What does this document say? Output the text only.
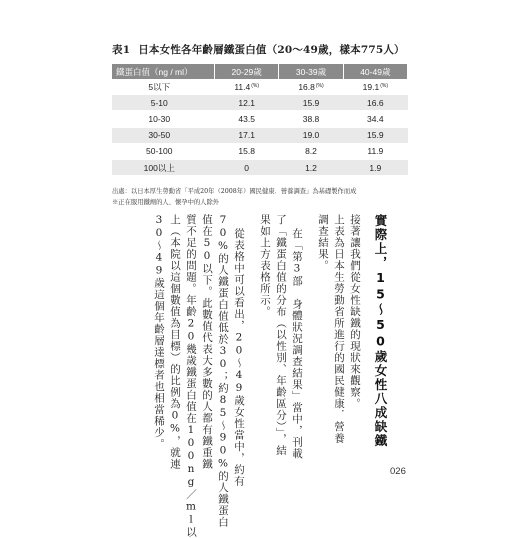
表1 日本女性各年齡層鐵蛋白值（20～49歲，樣本775人）
鐵蛋白值（ng / ml）	20-29歲	30-39歲	40-49歲
5以下	11.4(%)	16.8(%)	19.1(%)
5-10	12.1	15.9	16.6
10-30	43.5	38.8	34.4
30-50	17.1	19.0	15.9
50-100	15.8	8.2	11.9
100以上	0	1.2	1.9
出處：以日本厚生勞動省「平成20年（2008年）國民健康．營養調查」為基礎製作而成
※正在服用鐵劑的人、懷孕中的人除外
實際上，15～50歲女性八成缺鐵
接著讓我們從女性缺鐵的現狀來觀察。
上表為日本生勞動省所進行的國民健康．營養
調查結果。
在「第3部　身體狀況調查結果」當中，刊載
了「鐵蛋白值的分布（以性別、年齡區分）」，結
果如上方表格所示。
從表格中可以看出，20～49歲女性當中，約有
70%的人鐵蛋白值低於30；約85～90%的人鐵蛋白
值在50以下。此數值代表大多數的人都有鐵重鐵
質不足的問題。年齡20幾歲鐵蛋白值在100ng／ml以
上（本院以這個數值為目標）的比例為0%，就連
30～49歲這個年齡層達標者也相當稀少。
026
